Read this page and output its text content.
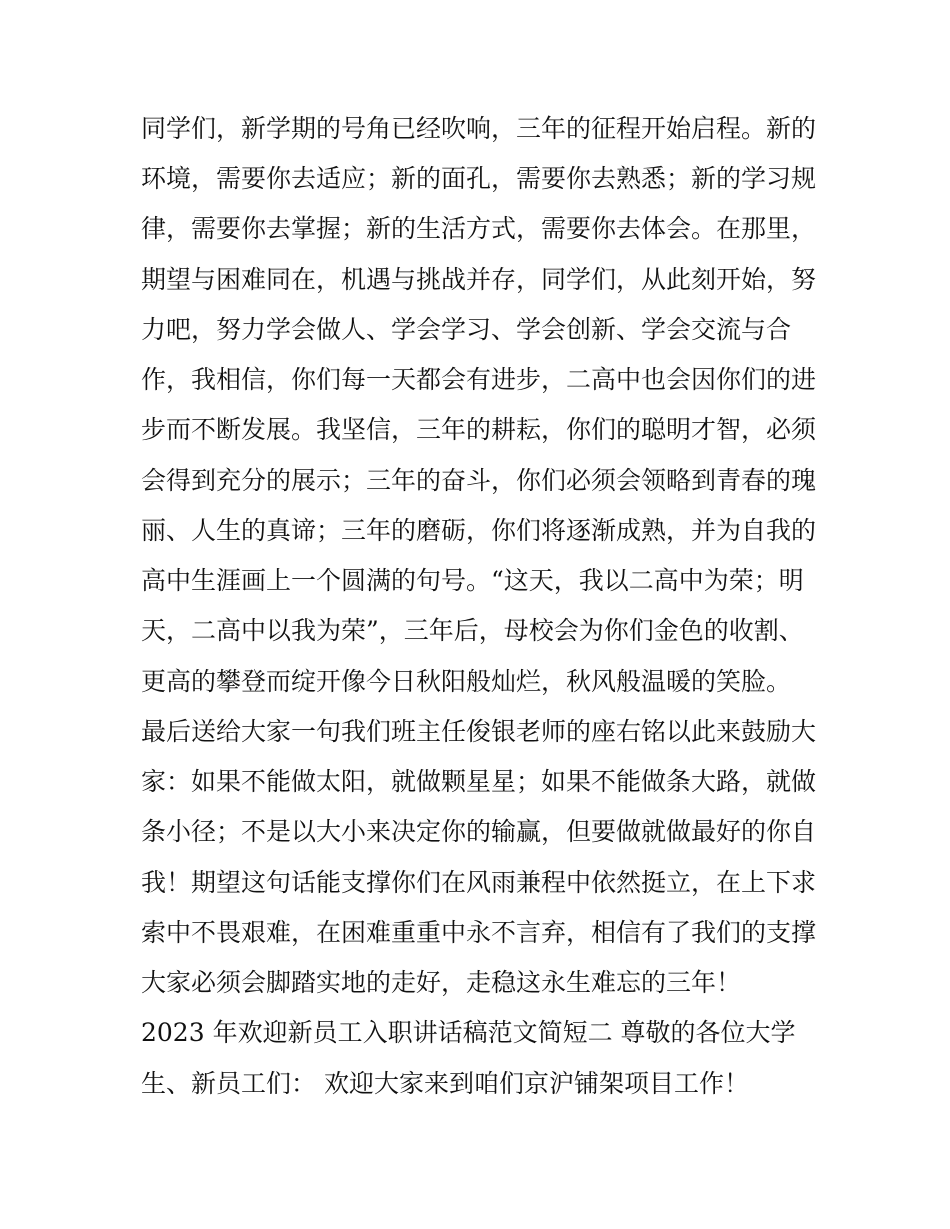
同学们，新学期的号角已经吹响，三年的征程开始启程。新的
环境，需要你去适应；新的面孔，需要你去熟悉；新的学习规
律，需要你去掌握；新的生活方式，需要你去体会。在那里，
期望与困难同在，机遇与挑战并存，同学们，从此刻开始，努
力吧，努力学会做人、学会学习、学会创新、学会交流与合
作，我相信，你们每一天都会有进步，二高中也会因你们的进
步而不断发展。我坚信，三年的耕耘，你们的聪明才智，必须
会得到充分的展示；三年的奋斗，你们必须会领略到青春的瑰
丽、人生的真谛；三年的磨砺，你们将逐渐成熟，并为自我的
高中生涯画上一个圆满的句号。“这天，我以二高中为荣；明
天，二高中以我为荣”，三年后，母校会为你们金色的收割、
更高的攀登而绽开像今日秋阳般灿烂，秋风般温暖的笑脸。
最后送给大家一句我们班主任俊银老师的座右铭以此来鼓励大
家：如果不能做太阳，就做颗星星；如果不能做条大路，就做
条小径；不是以大小来决定你的输赢，但要做就做最好的你自
我！期望这句话能支撑你们在风雨兼程中依然挺立，在上下求
索中不畏艰难，在困难重重中永不言弃，相信有了我们的支撑
大家必须会脚踏实地的走好，走稳这永生难忘的三年！
2023 年欢迎新员工入职讲话稿范文简短二 尊敬的各位大学
生、新员工们： 欢迎大家来到咱们京沪铺架项目工作！
